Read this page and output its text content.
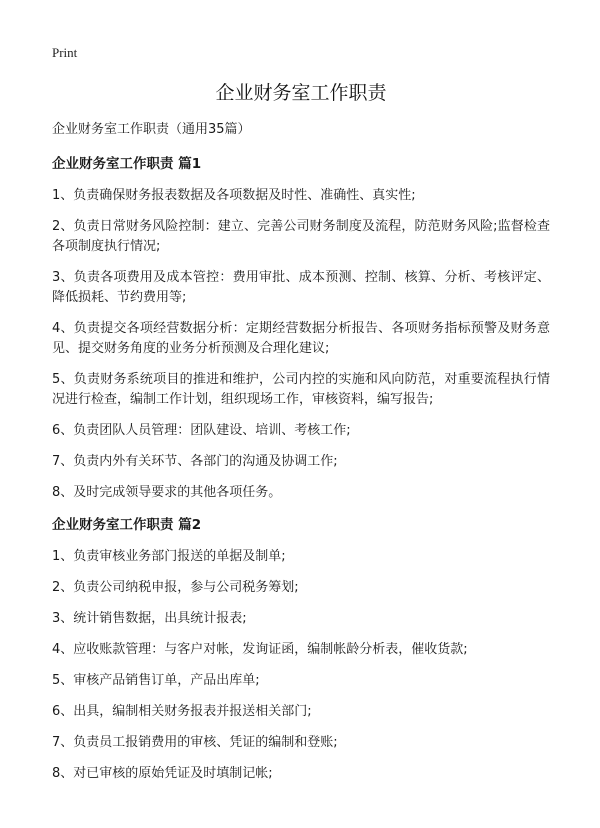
Print
企业财务室工作职责
企业财务室工作职责（通用35篇）
企业财务室工作职责 篇1
1、负责确保财务报表数据及各项数据及时性、准确性、真实性;
2、负责日常财务风险控制：建立、完善公司财务制度及流程，防范财务风险;监督检查各项制度执行情况;
3、负责各项费用及成本管控：费用审批、成本预测、控制、核算、分析、考核评定、降低损耗、节约费用等;
4、负责提交各项经营数据分析：定期经营数据分析报告、各项财务指标预警及财务意见、提交财务角度的业务分析预测及合理化建议;
5、负责财务系统项目的推进和维护，公司内控的实施和风向防范，对重要流程执行情况进行检查，编制工作计划，组织现场工作，审核资料，编写报告;
6、负责团队人员管理：团队建设、培训、考核工作;
7、负责内外有关环节、各部门的沟通及协调工作;
8、及时完成领导要求的其他各项任务。
企业财务室工作职责 篇2
1、负责审核业务部门报送的单据及制单;
2、负责公司纳税申报，参与公司税务筹划;
3、统计销售数据，出具统计报表;
4、应收账款管理：与客户对帐，发询证函，编制帐龄分析表，催收货款;
5、审核产品销售订单，产品出库单;
6、出具，编制相关财务报表并报送相关部门;
7、负责员工报销费用的审核、凭证的编制和登账;
8、对已审核的原始凭证及时填制记帐;
